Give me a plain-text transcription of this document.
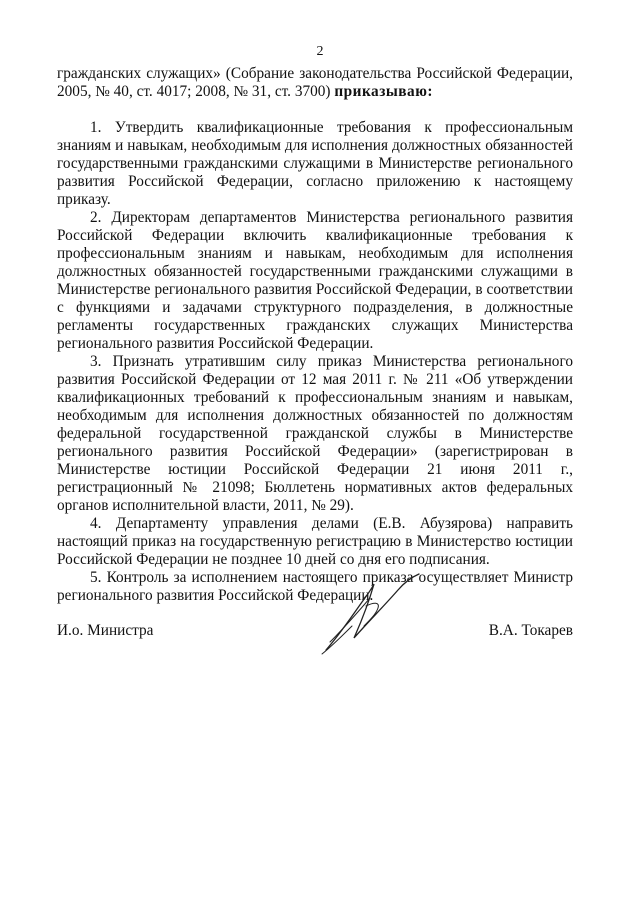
2

гражданских служащих» (Собрание законодательства Российской Федерации, 2005, № 40, ст. 4017; 2008, № 31, ст. 3700) приказываю:

1. Утвердить квалификационные требования к профессиональным знаниям и навыкам, необходимым для исполнения должностных обязанностей государственными гражданскими служащими в Министерстве регионального развития Российской Федерации, согласно приложению к настоящему приказу.

2. Директорам департаментов Министерства регионального развития Российской Федерации включить квалификационные требования к профессиональным знаниям и навыкам, необходимым для исполнения должностных обязанностей государственными гражданскими служащими в Министерстве регионального развития Российской Федерации, в соответствии с функциями и задачами структурного подразделения, в должностные регламенты государственных гражданских служащих Министерства регионального развития Российской Федерации.

3. Признать утратившим силу приказ Министерства регионального развития Российской Федерации от 12 мая 2011 г. № 211 «Об утверждении квалификационных требований к профессиональным знаниям и навыкам, необходимым для исполнения должностных обязанностей по должностям федеральной государственной гражданской службы в Министерстве регионального развития Российской Федерации» (зарегистрирован в Министерстве юстиции Российской Федерации 21 июня 2011 г., регистрационный № 21098; Бюллетень нормативных актов федеральных органов исполнительной власти, 2011, № 29).

4. Департаменту управления делами (Е.В. Абузярова) направить настоящий приказ на государственную регистрацию в Министерство юстиции Российской Федерации не позднее 10 дней со дня его подписания.

5. Контроль за исполнением настоящего приказа осуществляет Министр регионального развития Российской Федерации.

И.о. Министра	В.А. Токарев
